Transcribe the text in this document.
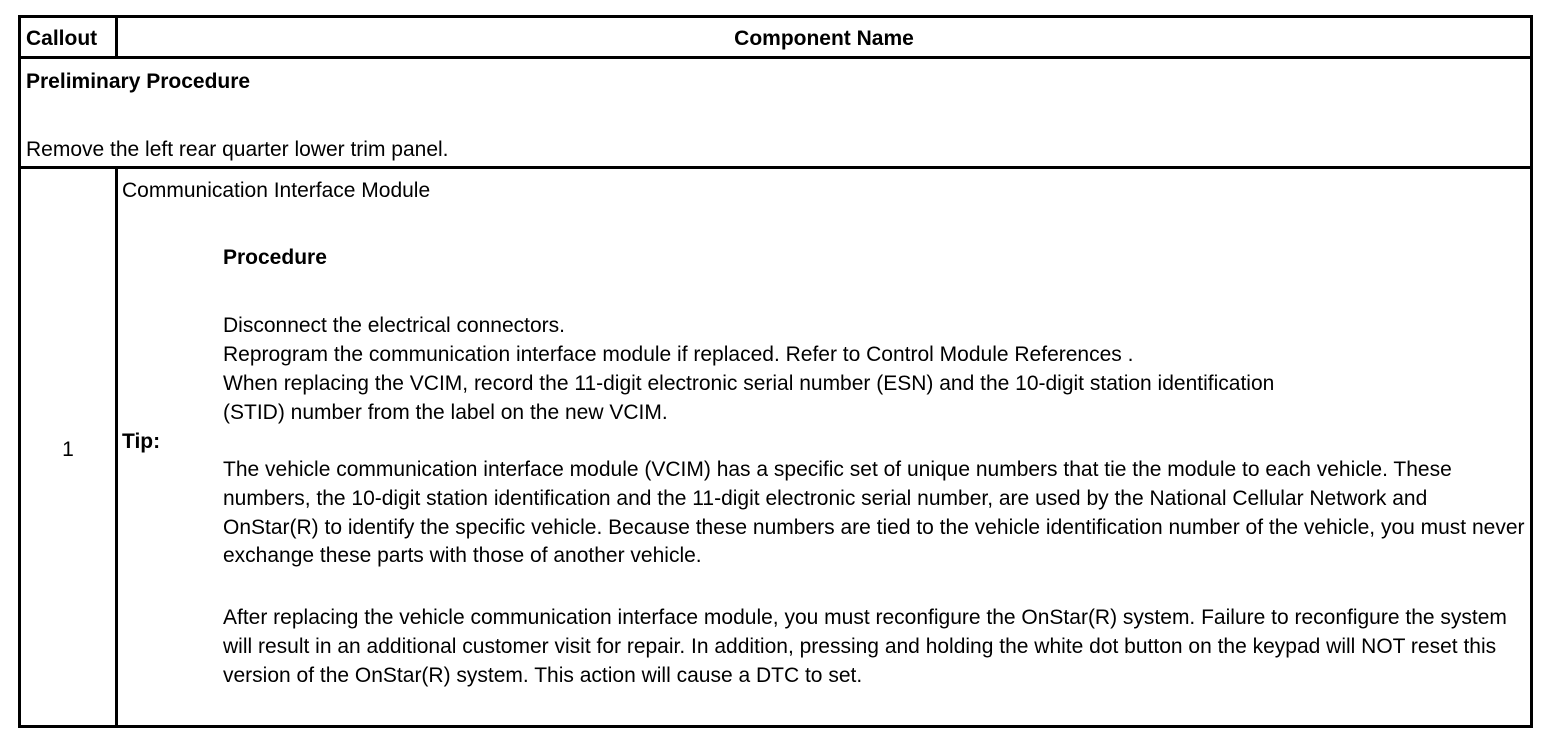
Callout	Component Name
Preliminary Procedure
Remove the left rear quarter lower trim panel.
1
Communication Interface Module
Procedure
Disconnect the electrical connectors.
Reprogram the communication interface module if replaced. Refer to Control Module References .
When replacing the VCIM, record the 11-digit electronic serial number (ESN) and the 10-digit station identification
(STID) number from the label on the new VCIM.
Tip:

The vehicle communication interface module (VCIM) has a specific set of unique numbers that tie the module to each vehicle. These numbers, the 10-digit station identification and the 11-digit electronic serial number, are used by the National Cellular Network and OnStar(R) to identify the specific vehicle. Because these numbers are tied to the vehicle identification number of the vehicle, you must never exchange these parts with those of another vehicle.

After replacing the vehicle communication interface module, you must reconfigure the OnStar(R) system. Failure to reconfigure the system will result in an additional customer visit for repair. In addition, pressing and holding the white dot button on the keypad will NOT reset this version of the OnStar(R) system. This action will cause a DTC to set.
